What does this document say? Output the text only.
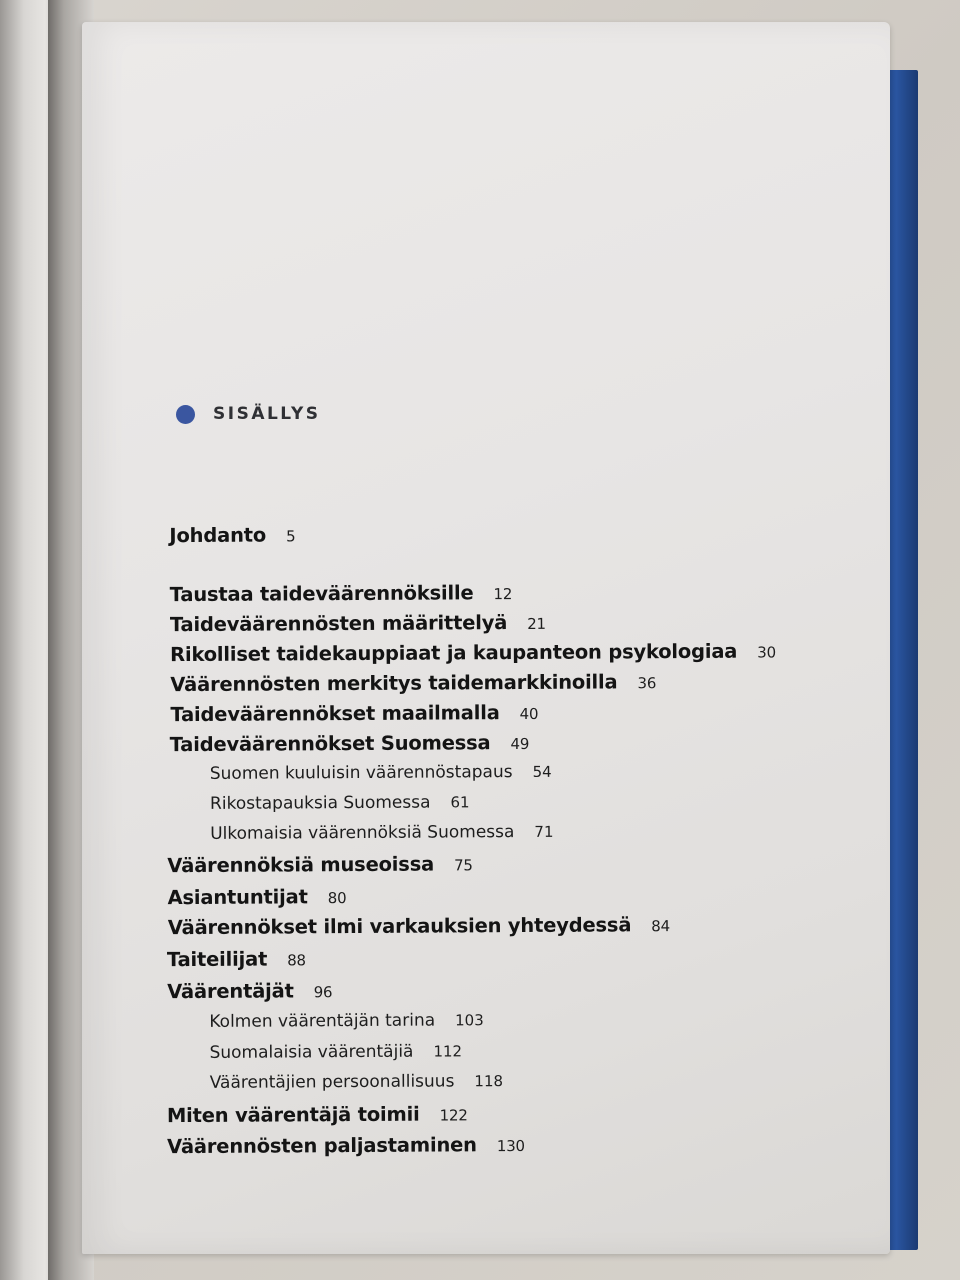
SISÄLLYS
Johdanto 5
Taustaa taideväärennöksille 12
Taideväärennösten määrittelyä 21
Rikolliset taidekauppiaat ja kaupanteon psykologiaa 30
Väärennösten merkitys taidemarkkinoilla 36
Taideväärennökset maailmalla 40
Taideväärennökset Suomessa 49
Suomen kuuluisin väärennöstapaus 54
Rikostapauksia Suomessa 61
Ulkomaisia väärennöksiä Suomessa 71
Väärennöksiä museoissa 75
Asiantuntijat 80
Väärennökset ilmi varkauksien yhteydessä 84
Taiteilijat 88
Väärentäjät 96
Kolmen väärentäjän tarina 103
Suomalaisia väärentäjiä 112
Väärentäjien persoonallisuus 118
Miten väärentäjä toimii 122
Väärennösten paljastaminen 130
